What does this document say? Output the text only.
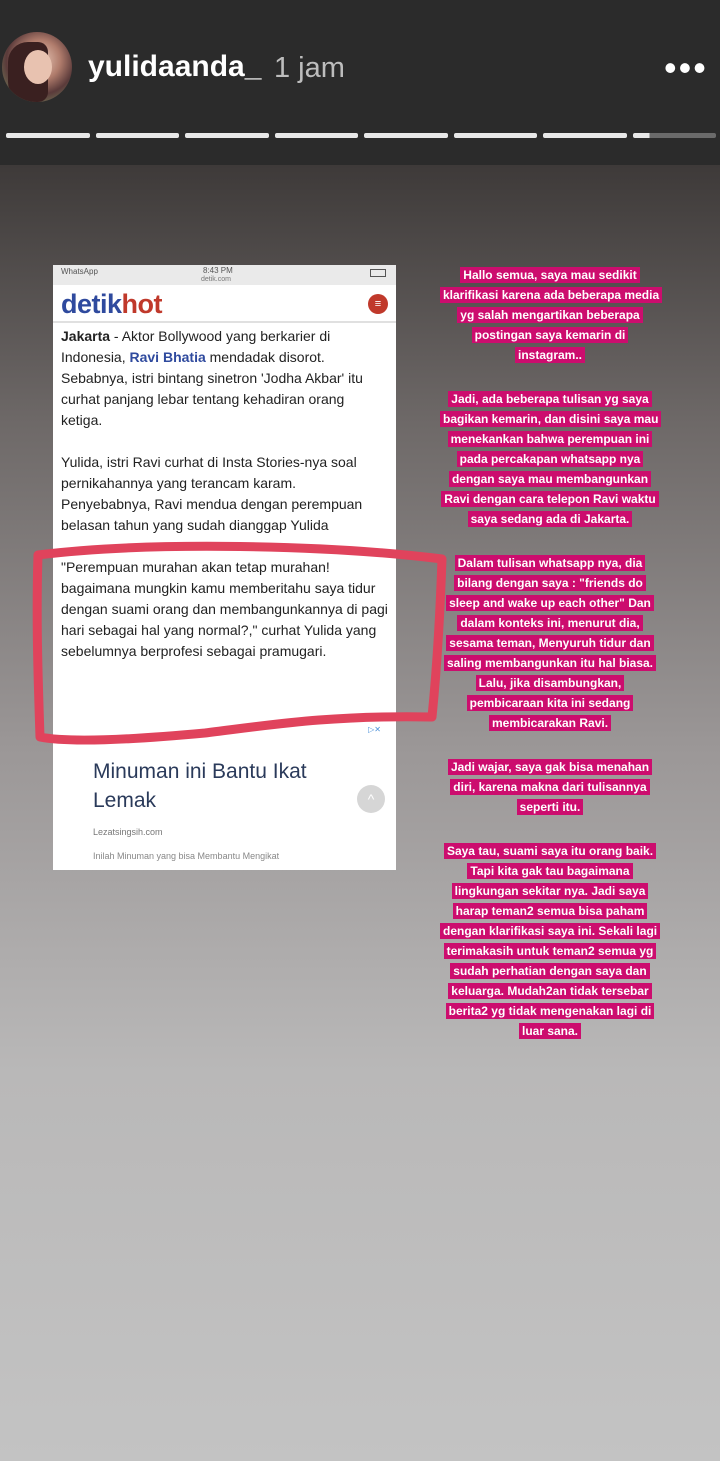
yulidaanda_ 1 jam	•••
WhatsApp	8:43 PM
detik.com
detikhot	≡

Jakarta - Aktor Bollywood yang berkarier di Indonesia, Ravi Bhatia mendadak disorot. Sebabnya, istri bintang sinetron 'Jodha Akbar' itu curhat panjang lebar tentang kehadiran orang ketiga.

Yulida, istri Ravi curhat di Insta Stories-nya soal pernikahannya yang terancam karam. Penyebabnya, Ravi mendua dengan perempuan belasan tahun yang sudah dianggap Yulida

"Perempuan murahan akan tetap murahan! bagaimana mungkin kamu memberitahu saya tidur dengan suami orang dan membangunkannya di pagi hari sebagai hal yang normal?," curhat Yulida yang sebelumnya berprofesi sebagai pramugari.

▷✕
Minuman ini Bantu Ikat Lemak	^
Lezatsingsih.com
Inilah Minuman yang bisa Membantu Mengikat
Hallo semua, saya mau sedikit klarifikasi karena ada beberapa media yg salah mengartikan beberapa postingan saya kemarin di instagram..
Jadi, ada beberapa tulisan yg saya bagikan kemarin, dan disini saya mau menekankan bahwa perempuan ini pada percakapan whatsapp nya dengan saya mau membangunkan Ravi dengan cara telepon Ravi waktu saya sedang ada di Jakarta.
Dalam tulisan whatsapp nya, dia bilang dengan saya : "friends do sleep and wake up each other" Dan dalam konteks ini, menurut dia, sesama teman, Menyuruh tidur dan saling membangunkan itu hal biasa. Lalu, jika disambungkan, pembicaraan kita ini sedang membicarakan Ravi.
Jadi wajar, saya gak bisa menahan diri, karena makna dari tulisannya seperti itu.
Saya tau, suami saya itu orang baik. Tapi kita gak tau bagaimana lingkungan sekitar nya. Jadi saya harap teman2 semua bisa paham dengan klarifikasi saya ini. Sekali lagi terimakasih untuk teman2 semua yg sudah perhatian dengan saya dan keluarga. Mudah2an tidak tersebar berita2 yg tidak mengenakan lagi di luar sana.
